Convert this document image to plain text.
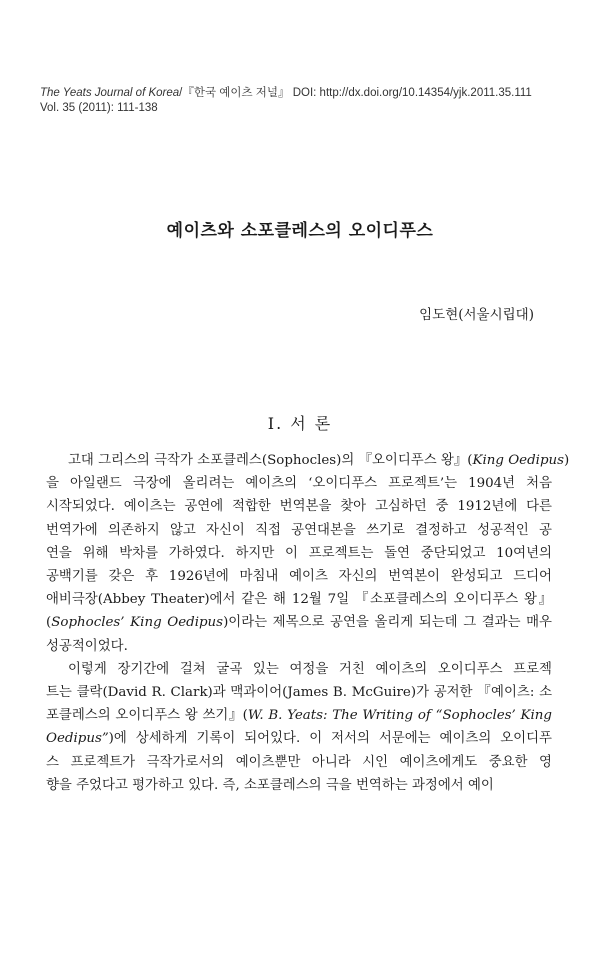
The Yeats Journal of Korea/『한국 예이츠 저널』 DOI: http://dx.doi.org/10.14354/yjk.2011.35.111
Vol. 35 (2011): 111-138
예이츠와 소포클레스의 오이디푸스
임도현(서울시립대)
I. 서 론
고대 그리스의 극작가 소포클레스(Sophocles)의 『오이디푸스 왕』(King Oedipus)
을 아일랜드 극장에 올리려는 예이츠의 ‘오이디푸스 프로젝트’는 1904년 처음
시작되었다. 예이츠는 공연에 적합한 번역본을 찾아 고심하던 중 1912년에 다른
번역가에 의존하지 않고 자신이 직접 공연대본을 쓰기로 결정하고 성공적인 공
연을 위해 박차를 가하였다. 하지만 이 프로젝트는 돌연 중단되었고 10여년의
공백기를 갖은 후 1926년에 마침내 예이츠 자신의 번역본이 완성되고 드디어
애비극장(Abbey Theater)에서 같은 해 12월 7일 『소포클레스의 오이디푸스 왕』
(Sophocles’ King Oedipus)이라는 제목으로 공연을 올리게 되는데 그 결과는 매우
성공적이었다.
이렇게 장기간에 걸쳐 굴곡 있는 여정을 거친 예이츠의 오이디푸스 프로젝
트는 클락(David R. Clark)과 맥과이어(James B. McGuire)가 공저한 『예이츠: 소
포클레스의 오이디푸스 왕 쓰기』(W. B. Yeats: The Writing of “Sophocles’ King
Oedipus”)에 상세하게 기록이 되어있다. 이 저서의 서문에는 예이츠의 오이디푸
스 프로젝트가 극작가로서의 예이츠뿐만 아니라 시인 예이츠에게도 중요한 영
향을 주었다고 평가하고 있다. 즉, 소포클레스의 극을 번역하는 과정에서 예이
